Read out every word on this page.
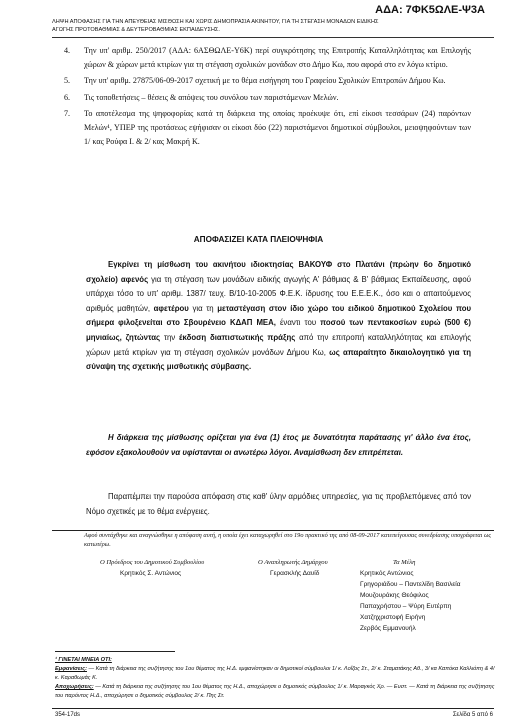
ΑΔΑ: 7ΦΚ5ΩΛΕ-Ψ3Α
ΛΗΨΗ ΑΠΟΦΑΣΗΣ ΓΙΑ ΤΗΝ ΑΠΕΥΘΕΙΑΣ ΜΙΣΘΩΣΗ ΚΑΙ ΧΩΡΙΣ ΔΗΜΟΠΡΑΣΙΑ ΑΚΙΝΗΤΟΥ, ΓΙΑ ΤΗ ΣΤΕΓΑΣΗ ΜΟΝΑΔΩΝ ΕΙΔΙΚΗΣ
ΑΓΩΓΗΣ ΠΡΩΤΟΒΑΘΜΙΑΣ & ΔΕΥΤΕΡΟΒΑΘΜΙΑΣ ΕΚΠΑΙΔΕΥΣΗΣ.
4. Την υπ' αριθμ. 250/2017 (ΑΔΑ: 6ΑΣΘΩΛΕ-Υ6Κ) περί συγκρότησης της Επιτροπής Καταλληλότητας και Επιλογής χώρων & χώρων μετά κτιρίων για τη στέγαση σχολικών μονάδων στο Δήμο Κω, που αφορά στο εν λόγω κτίριο.
5. Την υπ' αριθμ. 27875/06-09-2017 σχετική με το θέμα εισήγηση του Γραφείου Σχολικών Επιτροπών Δήμου Κω.
6. Τις τοποθετήσεις – θέσεις & απόψεις του συνόλου των παριστάμενων Μελών.
7. Το αποτέλεσμα της ψηφοφορίας κατά τη διάρκεια της οποίας προέκυψε ότι, επί είκοσι τεσσάρων (24) παρόντων Μελών¹, ΥΠΕΡ της προτάσεως εψήφισαν οι είκοσι δύο (22) παριστάμενοι δημοτικοί σύμβουλοι, μειοψηφούντων των 1/ κας Ρούφα Ι. & 2/ κας Μακρή Κ.
ΑΠΟΦΑΣΙΖΕΙ ΚΑΤΑ ΠΛΕΙΟΨΗΦΙΑ

Εγκρίνει τη μίσθωση του ακινήτου ιδιοκτησίας ΒΑΚΟΥΦ στο Πλατάνι (πρώην 6ο δημοτικό σχολείο) αφενός για τη στέγαση των μονάδων ειδικής αγωγής Α' βάθμιας & Β' βάθμιας Εκπαίδευσης, αφού υπάρχει τόσο το υπ' αριθμ. 1387/ τευχ. Β/10-10-2005 Φ.Ε.Κ. ίδρυσης του Ε.Ε.Ε.Κ., όσο και ο απαιτούμενος αριθμός μαθητών, αφετέρου για τη μεταστέγαση στον ίδιο χώρο του ειδικού δημοτικού Σχολείου που σήμερα φιλοξενείται στο Σβουρένειο ΚΔΑΠ ΜΕΑ, έναντι του ποσού των πεντακοσίων ευρώ (500 €) μηνιαίως, ζητώντας την έκδοση διαπιστωτικής πράξης από την επιτροπή καταλληλότητας και επιλογής χώρων μετά κτιρίων για τη στέγαση σχολικών μονάδων Δήμου Κω, ως απαραίτητο δικαιολογητικό για τη σύναψη της σχετικής μισθωτικής σύμβασης.

Η διάρκεια της μίσθωσης ορίζεται για ένα (1) έτος με δυνατότητα παράτασης γι' άλλο ένα έτος, εφόσον εξακολουθούν να υφίστανται οι ανωτέρω λόγοι. Αναμίσθωση δεν επιτρέπεται.

Παραπέμπει την παρούσα απόφαση στις καθ' ύλην αρμόδιες υπηρεσίες, για τις προβλεπόμενες από τον Νόμο σχετικές με το θέμα ενέργειες.

Αφού συντάχθηκε και αναγνώσθηκε η απόφαση αυτή, η οποία έχει καταχωρηθεί στο 19ο πρακτικό της από 08-09-2017 κατεπείγουσας συνεδρίασης υπογράφεται ως κατωτέρω.
Ο Πρόεδρος του Δημοτικού Συμβουλίου
Κρητικός Σ. Αντώνιος
Ο Αναπληρωτής Δημάρχου
Γερασκλής Δαυίδ
Τα Μέλη
Κρητικός Αντώνιος
Γρηγοριάδου – Παντελίδη Βασιλεία
Μουζουράκης Θεόφιλος
Παπαχρήστου – Ψύρη Ευτέρπη
Χατζηχριστοφή Ειρήνη
Ζερβός Εμμανουήλ
¹ ΓΙΝΕΤΑΙ ΜΝΕΙΑ ΟΤΙ:
Εμφανίσεις: — Κατά τη διάρκεια της συζήτησης του 1ου θέματος της Η.Δ. εμφανίστηκαν οι δημοτικοί σύμβουλοι 1/ κ. Λοΐζος Στ., 2/ κ. Σταματάκης Αθ., 3/ κα Καπόκα Καλλιόπη & 4/ κ. Καραθωμάς Κ.
Αποχωρήσεις: — Κατά τη διάρκεια της συζήτησης του 1ου θέματος της Η.Δ., αποχώρησε ο δημοτικός σύμβουλος 1/ κ. Μαραγκός Χρ. — Ευστ. — Κατά τη διάρκεια της συζήτησης του παρόντος Η.Δ., αποχώρησε ο δημοτικός σύμβουλος 2/ κ. Πης Στ.
354-17ds	Σελίδα 5 από 6
